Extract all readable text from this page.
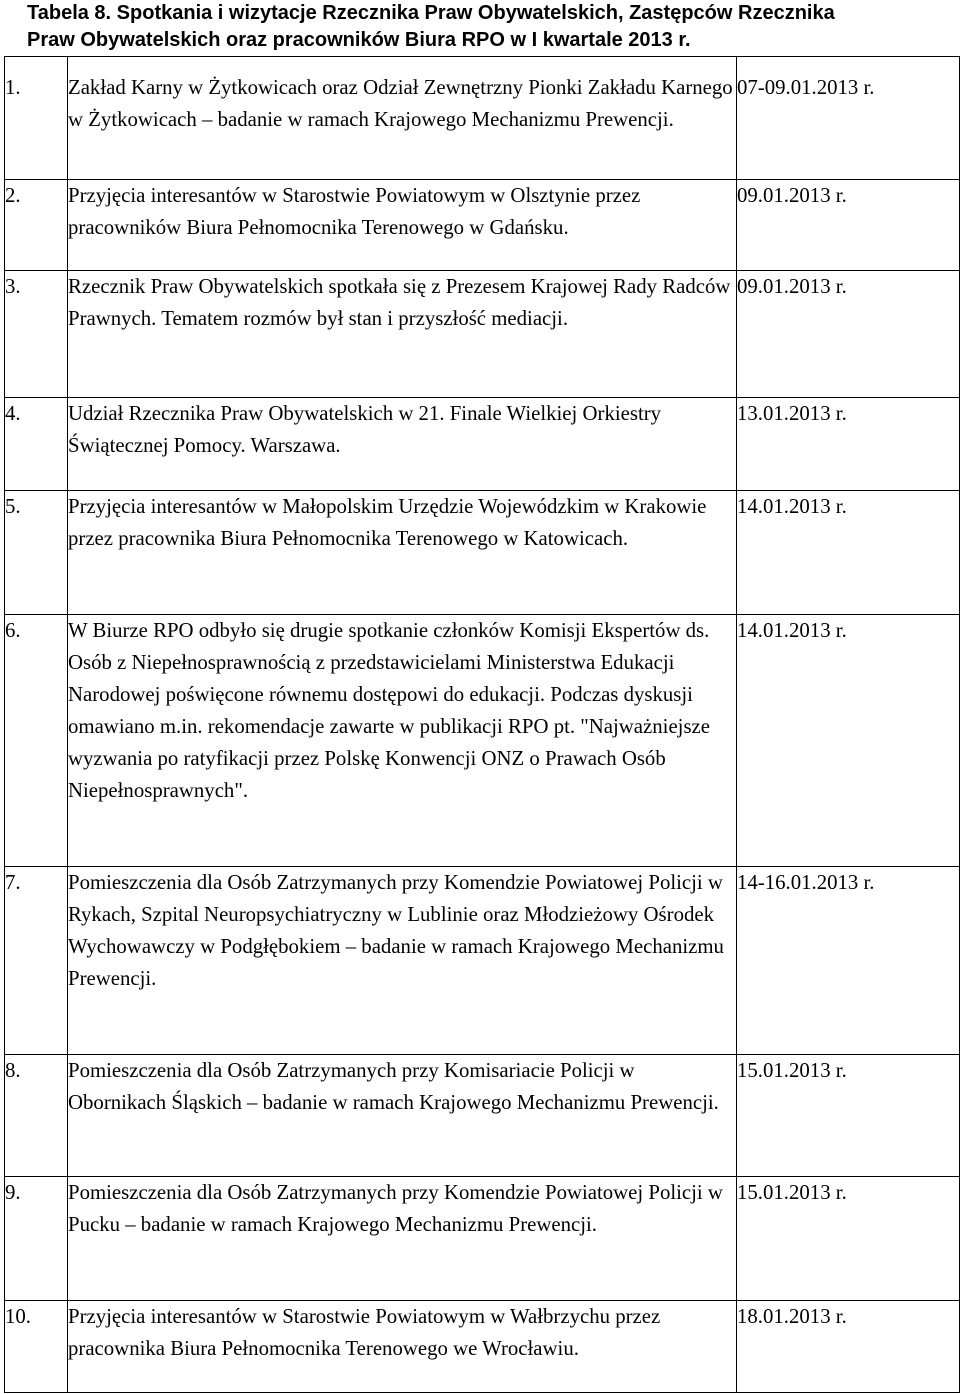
Tabela 8. Spotkania i wizytacje Rzecznika Praw Obywatelskich, Zastępców Rzecznika
Praw Obywatelskich oraz pracowników Biura RPO w I kwartale 2013 r.
1.	Zakład Karny w Żytkowicach oraz Odział Zewnętrzny Pionki Zakładu Karnego w Żytkowicach – badanie w ramach Krajowego Mechanizmu Prewencji.	07-09.01.2013 r.
2.	Przyjęcia interesantów w Starostwie Powiatowym w Olsztynie przez pracowników Biura Pełnomocnika Terenowego w Gdańsku.	09.01.2013 r.
3.	Rzecznik Praw Obywatelskich spotkała się z Prezesem Krajowej Rady Radców Prawnych. Tematem rozmów był stan i przyszłość mediacji.	09.01.2013 r.
4.	Udział Rzecznika Praw Obywatelskich w 21. Finale Wielkiej Orkiestry Świątecznej Pomocy. Warszawa.	13.01.2013 r.
5.	Przyjęcia interesantów w Małopolskim Urzędzie Wojewódzkim w Krakowie przez pracownika Biura Pełnomocnika Terenowego w Katowicach.	14.01.2013 r.
6.	W Biurze RPO odbyło się drugie spotkanie członków Komisji Ekspertów ds. Osób z Niepełnosprawnością z przedstawicielami Ministerstwa Edukacji Narodowej poświęcone równemu dostępowi do edukacji. Podczas dyskusji omawiano m.in. rekomendacje zawarte w publikacji RPO pt. "Najważniejsze wyzwania po ratyfikacji przez Polskę Konwencji ONZ o Prawach Osób Niepełnosprawnych".	14.01.2013 r.
7.	Pomieszczenia dla Osób Zatrzymanych przy Komendzie Powiatowej Policji w Rykach, Szpital Neuropsychiatryczny w Lublinie oraz Młodzieżowy Ośrodek Wychowawczy w Podgłębokiem – badanie w ramach Krajowego Mechanizmu Prewencji.	14-16.01.2013 r.
8.	Pomieszczenia dla Osób Zatrzymanych przy Komisariacie Policji w Obornikach Śląskich – badanie w ramach Krajowego Mechanizmu Prewencji.	15.01.2013 r.
9.	Pomieszczenia dla Osób Zatrzymanych przy Komendzie Powiatowej Policji w Pucku – badanie w ramach Krajowego Mechanizmu Prewencji.	15.01.2013 r.
10.	Przyjęcia interesantów w Starostwie Powiatowym w Wałbrzychu przez pracownika Biura Pełnomocnika Terenowego we Wrocławiu.	18.01.2013 r.
